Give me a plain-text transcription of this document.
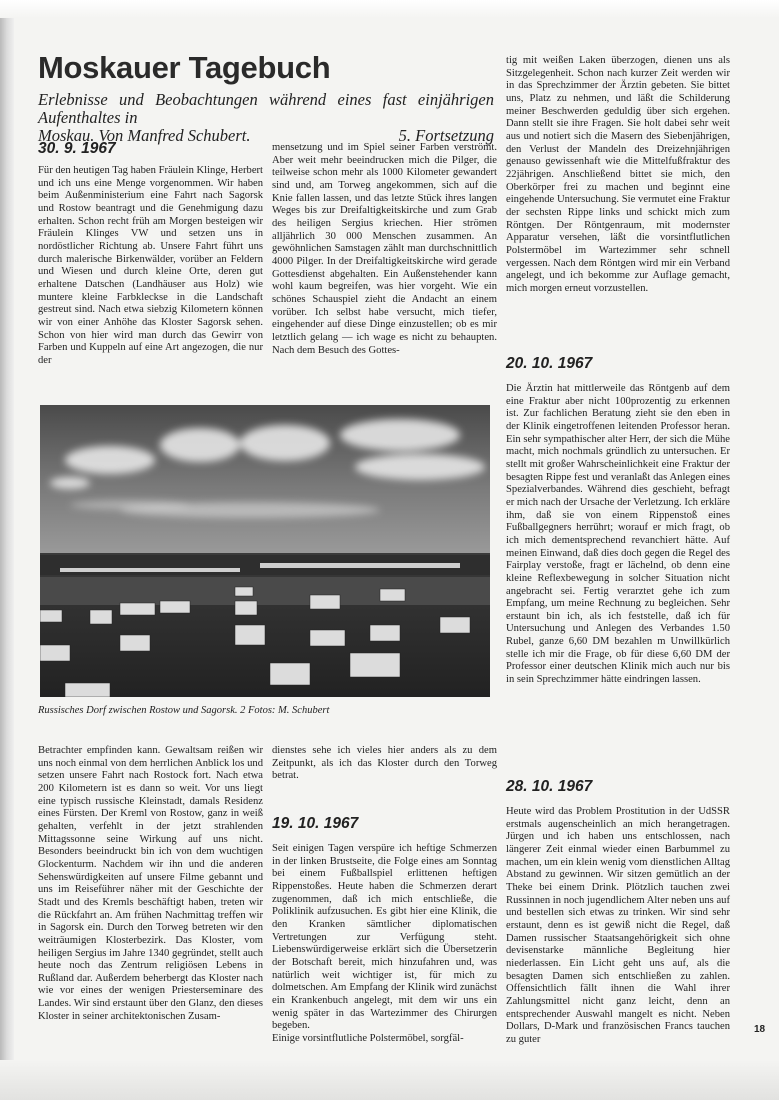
Moskauer Tagebuch
Erlebnisse und Beobachtungen während eines fast einjährigen Aufenthaltes in
Moskau. Von Manfred Schubert.	5. Fortsetzung
30. 9. 1967

Für den heutigen Tag haben Fräulein Klinge, Herbert und ich uns eine Menge vorgenommen. Wir haben beim Außenministerium eine Fahrt nach Sagorsk und Rostow beantragt und die Genehmigung dazu erhalten. Schon recht früh am Morgen besteigen wir Fräulein Klinges VW und setzen uns in nordöstlicher Richtung ab. Unsere Fahrt führt uns durch malerische Birkenwälder, vorüber an Feldern und Wiesen und durch kleine Orte, deren gut erhaltene Datschen (Landhäuser aus Holz) wie muntere kleine Farbkleckse in die Landschaft gestreut sind. Nach etwa siebzig Kilometern können wir von einer Anhöhe das Kloster Sagorsk sehen. Schon von hier wird man durch das Gewirr von Farben und Kuppeln auf eine Art angezogen, die nur der

mensetzung und im Spiel seiner Farben verströmt. Aber weit mehr beeindrucken mich die Pilger, die teilweise schon mehr als 1000 Kilometer gewandert sind und, am Torweg angekommen, sich auf die Knie fallen lassen, und das letzte Stück ihres langen Weges bis zur Dreifaltigkeitskirche und zum Grab des heiligen Sergius kriechen. Hier strömen alljährlich 30 000 Menschen zusammen. An gewöhnlichen Samstagen zählt man durchschnittlich 4000 Pilger. In der Dreifaltigkeitskirche wird gerade Gottesdienst abgehalten. Ein Außenstehender kann wohl kaum begreifen, was hier vorgeht. Wie ein schönes Schauspiel zieht die Andacht an einem vorüber. Ich selbst habe versucht, mich tiefer, eingehender auf diese Dinge einzustellen; ob es mir letztlich gelang — ich wage es nicht zu behaupten. Nach dem Besuch des Gottes-

Russisches Dorf zwischen Rostow und Sagorsk. 2 Fotos: M. Schubert

Betrachter empfinden kann. Gewaltsam reißen wir uns noch einmal von dem herrlichen Anblick los und setzen unsere Fahrt nach Rostock fort. Nach etwa 200 Kilometern ist es dann so weit. Vor uns liegt eine typisch russische Kleinstadt, damals Residenz eines Fürsten. Der Kreml von Rostow, ganz in weiß gehalten, verfehlt in der jetzt strahlenden Mittagssonne seine Wirkung auf uns nicht. Besonders beeindruckt bin ich von dem wuchtigen Glockenturm. Nachdem wir ihn und die anderen Sehenswürdigkeiten auf unsere Filme gebannt und uns im Reiseführer näher mit der Geschichte der Stadt und des Kremls beschäftigt haben, treten wir die Rückfahrt an. Am frühen Nachmittag treffen wir in Sagorsk ein. Durch den Torweg betreten wir den weiträumigen Klosterbezirk. Das Kloster, vom heiligen Sergius im Jahre 1340 gegründet, stellt auch heute noch das Zentrum religiösen Lebens in Rußland dar. Außerdem beherbergt das Kloster nach wie vor eines der wenigen Priesterseminare des Landes. Wir sind erstaunt über den Glanz, den dieses Kloster in seiner architektonischen Zusam-

dienstes sehe ich vieles hier anders als zu dem Zeitpunkt, als ich das Kloster durch den Torweg betrat.

19. 10. 1967

Seit einigen Tagen verspüre ich heftige Schmerzen in der linken Brustseite, die Folge eines am Sonntag bei einem Fußballspiel erlittenen heftigen Rippenstoßes. Heute haben die Schmerzen derart zugenommen, daß ich mich entschließe, die Poliklinik aufzusuchen. Es gibt hier eine Klinik, die den Kranken sämtlicher diplomatischen Vertretungen zur Verfügung steht. Liebenswürdigerweise erklärt sich die Übersetzerin der Botschaft bereit, mich hinzufahren und, was natürlich weit wichtiger ist, für mich zu dolmetschen. Am Empfang der Klinik wird zunächst ein Krankenbuch angelegt, mit dem wir uns ein wenig später in das Wartezimmer des Chirurgen begeben.

Einige vorsintflutliche Polstermöbel, sorgfäl-

tig mit weißen Laken überzogen, dienen uns als Sitzgelegenheit. Schon nach kurzer Zeit werden wir in das Sprechzimmer der Ärztin gebeten. Sie bittet uns, Platz zu nehmen, und läßt die Schilderung meiner Beschwerden geduldig über sich ergehen. Dann stellt sie ihre Fragen. Sie holt dabei sehr weit aus und notiert sich die Masern des Siebenjährigen, den Verlust der Mandeln des Dreizehnjährigen genauso gewissenhaft wie die Mittelfußfraktur des 22jährigen. Anschließend bittet sie mich, den Oberkörper frei zu machen und beginnt eine eingehende Untersuchung. Sie vermutet eine Fraktur der sechsten Rippe links und schickt mich zum Röntgen. Der Röntgenraum, mit modernster Apparatur versehen, läßt die vorsintflutlichen Polstermöbel im Wartezimmer sehr schnell vergessen. Nach dem Röntgen wird mir ein Verband angelegt, und ich bekomme zur Auflage gemacht, mich morgen erneut vorzustellen.

20. 10. 1967

Die Ärztin hat mittlerweile das Röntgenb auf dem eine Fraktur aber nicht 100prozentig zu erkennen ist. Zur fachlichen Beratung zieht sie den eben in der Klinik eingetroffenen leitenden Professor heran. Ein sehr sympathischer alter Herr, der sich die Mühe macht, mich nochmals gründlich zu untersuchen. Er stellt mit großer Wahrscheinlichkeit eine Fraktur der besagten Rippe fest und veranlaßt das Anlegen eines Spezialverbandes. Während dies geschieht, befragt er mich nach der Ursache der Verletzung. Ich erkläre ihm, daß sie von einem Rippenstoß eines Fußballgegners herrührt; worauf er mich fragt, ob ich mich dementsprechend revanchiert hätte. Auf meinen Einwand, daß dies doch gegen die Regel des Fairplay verstoße, fragt er lächelnd, ob denn eine kleine Reflexbewegung in solcher Situation nicht angebracht sei. Fertig verarztet gehe ich zum Empfang, um meine Rechnung zu begleichen. Sehr erstaunt bin ich, als ich feststelle, daß ich für Untersuchung und Anlegen des Verbandes 1.50 Rubel, ganze 6,60 DM bezahlen m Unwillkürlich stelle ich mir die Frage, ob für diese 6,60 DM der Professor einer deutschen Klinik mich auch nur bis in sein Sprechzimmer hätte eindringen lassen.

28. 10. 1967

Heute wird das Problem Prostitution in der UdSSR erstmals augenscheinlich an mich herangetragen. Jürgen und ich haben uns entschlossen, nach längerer Zeit einmal wieder einen Barbummel zu machen, um ein klein wenig vom dienstlichen Alltag Abstand zu gewinnen. Wir sitzen gemütlich an der Theke bei einem Drink. Plötzlich tauchen zwei Russinnen in noch jugendlichem Alter neben uns auf und bestellen sich etwas zu trinken. Wir sind sehr erstaunt, denn es ist gewiß nicht die Regel, daß Damen russischer Staatsangehörigkeit sich ohne devisenstarke männliche Begleitung hier niederlassen. Ein Licht geht uns auf, als die besagten Damen sich entschließen zu zahlen. Offensichtlich fällt ihnen die Wahl ihrer Zahlungsmittel nicht ganz leicht, denn an entsprechender Auswahl mangelt es nicht. Neben Dollars, D-Mark und französischen Francs tauchen zu guter

18
